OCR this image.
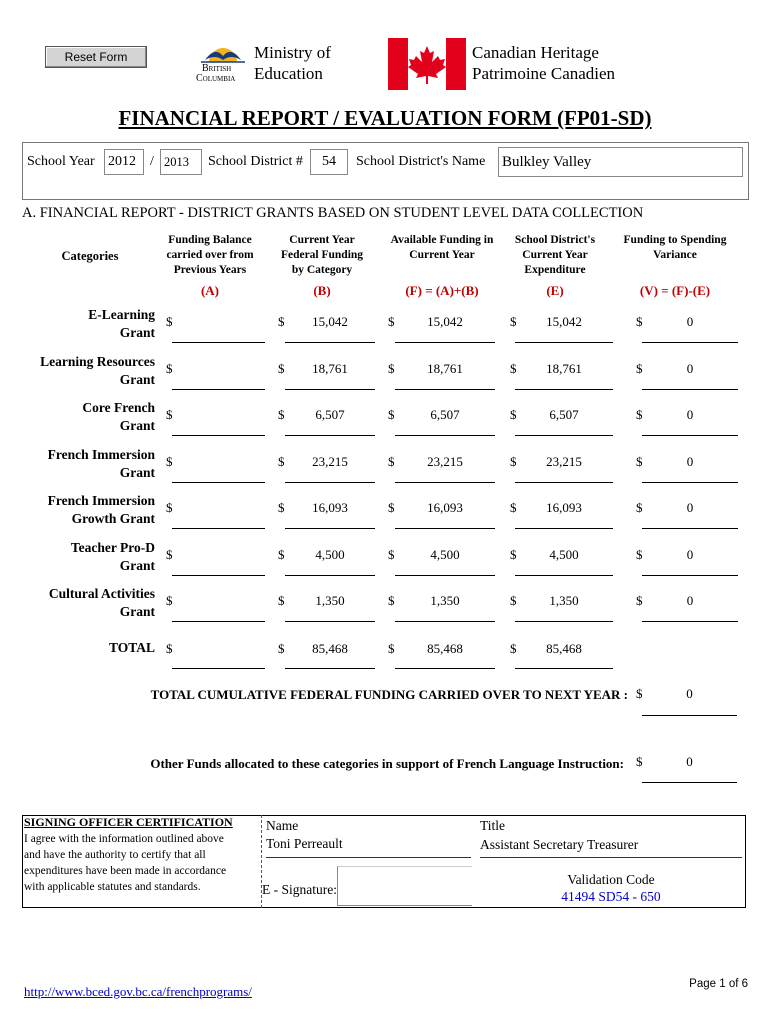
Reset Form
British
Columbia
Ministry of
Education
Canadian Heritage
Patrimoine Canadien
FINANCIAL REPORT / EVALUATION FORM (FP01-SD)
School Year 2012	/ 2013	School District #	54	School District's Name Bulkley Valley
A. FINANCIAL REPORT - DISTRICT GRANTS BASED ON STUDENT LEVEL DATA COLLECTION
Categories
Funding Balance
carried over from
Previous Years
(A)
Current Year
Federal Funding
by Category
(B)
Available Funding in
Current Year
(F) = (A)+(B)
School District's
Current Year
Expenditure
(E)
Funding to Spending
Variance
(V) = (F)-(E)
E-Learning
Grant
$	$	15,042	$	15,042	$	15,042	$	0
Learning Resources
Grant
$	$	18,761	$	18,761	$	18,761	$	0
Core French
Grant
$	$	6,507	$	6,507	$	6,507	$	0
French Immersion
Grant
$	$	23,215	$	23,215	$	23,215	$	0
French Immersion
Growth Grant
$	$	16,093	$	16,093	$	16,093	$	0
Teacher Pro-D
Grant
$	$	4,500	$	4,500	$	4,500	$	0
Cultural Activities
Grant
$	$	1,350	$	1,350	$	1,350	$	0
TOTAL $	$	85,468	$	85,468	$	85,468
TOTAL CUMULATIVE FEDERAL FUNDING CARRIED OVER TO NEXT YEAR : $	0
Other Funds allocated to these categories in support of French Language Instruction: $	0
SIGNING OFFICER CERTIFICATION
I agree with the information outlined above
and have the authority to certify that all
expenditures have been made in accordance
with applicable statutes and standards.
Name
Toni Perreault
Title
Assistant Secretary Treasurer
E - Signature:
Validation Code
41494 SD54 - 650
http://www.bced.gov.bc.ca/frenchprograms/	Page 1 of 6
